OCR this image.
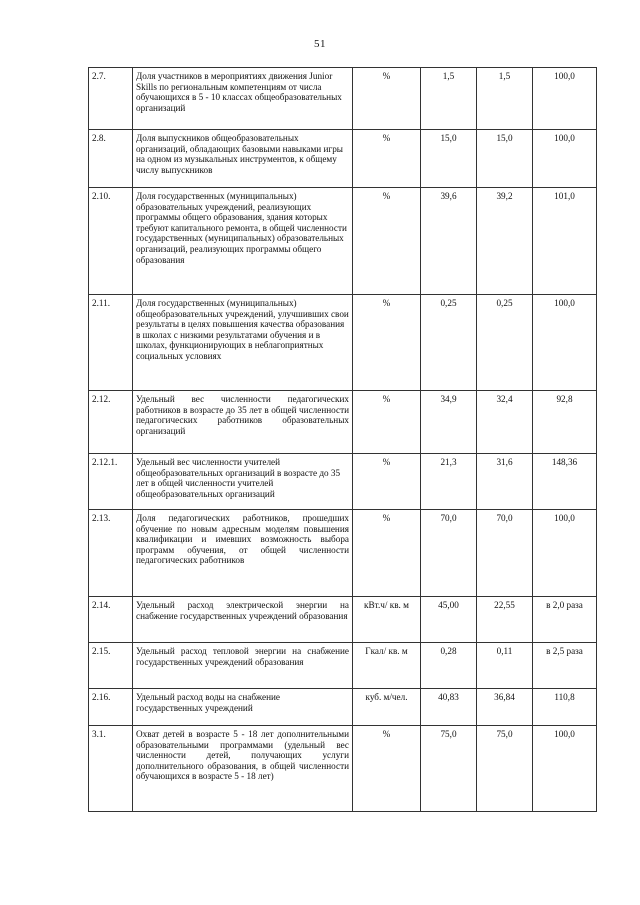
51
2.7.	Доля участников в мероприятиях движения Junior Skills по региональным компетенциям от числа обучающихся в 5 - 10 классах общеобразовательных организаций	%	1,5	1,5	100,0
2.8.	Доля выпускников общеобразовательных организаций, обладающих базовыми навыками игры на одном из музыкальных инструментов, к общему числу выпускников	%	15,0	15,0	100,0
2.10.	Доля государственных (муниципальных) образовательных учреждений, реализующих программы общего образования, здания которых требуют капитального ремонта, в общей численности государственных (муниципальных) образовательных организаций, реализующих программы общего образования	%	39,6	39,2	101,0
2.11.	Доля государственных (муниципальных) общеобразовательных учреждений, улучшивших свои результаты в целях повышения качества образования в школах с низкими результатами обучения и в школах, функционирующих в неблагоприятных социальных условиях	%	0,25	0,25	100,0
2.12.	Удельный вес численности педагогических работников в возрасте до 35 лет в общей численности педагогических работников образовательных организаций	%	34,9	32,4	92,8
2.12.1.	Удельный вес численности учителей общеобразовательных организаций в возрасте до 35 лет в общей численности учителей общеобразовательных организаций	%	21,3	31,6	148,36
2.13.	Доля педагогических работников, прошедших обучение по новым адресным моделям повышения квалификации и имевших возможность выбора программ обучения, от общей численности педагогических работников	%	70,0	70,0	100,0
2.14.	Удельный расход электрической энергии на снабжение государственных учреждений образования	кВт.ч/ кв. м	45,00	22,55	в 2,0 раза
2.15.	Удельный расход тепловой энергии на снабжение государственных учреждений образования	Гкал/ кв. м	0,28	0,11	в 2,5 раза
2.16.	Удельный расход воды на снабжение государственных учреждений	куб. м/чел.	40,83	36,84	110,8
3.1.	Охват детей в возрасте 5 - 18 лет дополнительными образовательными программами (удельный вес численности детей, получающих услуги дополнительного образования, в общей численности обучающихся в возрасте 5 - 18 лет)	%	75,0	75,0	100,0
